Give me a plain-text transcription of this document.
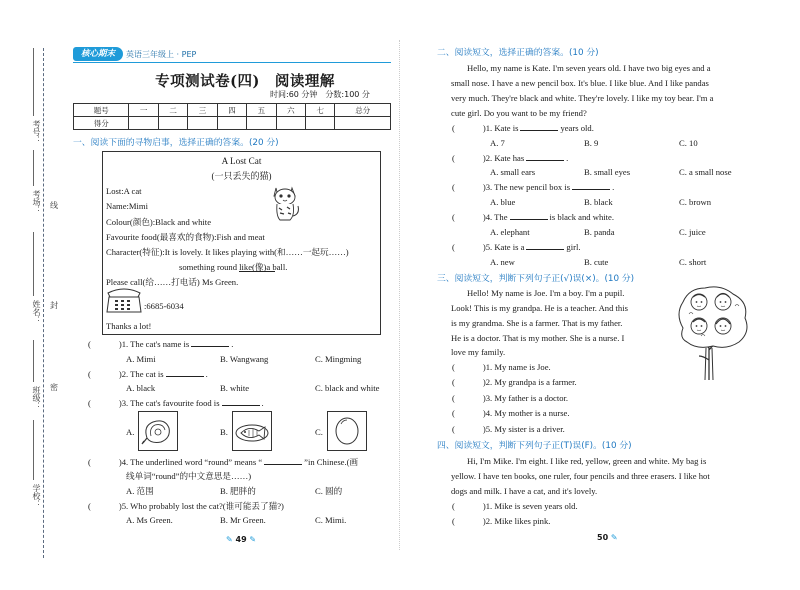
考号：
考场：
姓名：
班级：
学校：
线
封
密
核心期末	英语三年级上 · PEP
专项测试卷(四)　阅读理解
时间:60 分钟　分数:100 分
题号	一	二	三	四	五	六	七	总分
得分								
一、阅读下面的寻物启事，选择正确的答案。(20 分)
A Lost Cat
(一只丢失的猫)
Lost:A cat
Name:Mimi
Colour(颜色):Black and white
Favourite food(最喜欢的食物):Fish and meat
Character(特征):It is lovely. It likes playing with(和……一起玩……)
something round like(像)a ball.
Please call(给……打电话) Ms Green.
:6685-6034
Thanks a lot!
(	)1. The cat's name is	.
A. Mimi	B. Wangwang	C. Mingming
(	)2. The cat is	.
A. black	B. white	C. black and white
(	)3. The cat's favourite food is	.
A.	B.	C.
(	)4. The underlined word “round” means “	”in Chinese.(画
线单词“round”的中文意思是……)
A. 范围	B. 肥胖的	C. 圆的
(	)5. Who probably lost the cat?(谁可能丢了猫?)
A. Ms Green.	B. Mr Green.	C. Mimi.
✎ 49 ✎
二、阅读短文，选择正确的答案。(10 分)
Hello, my name is Kate. I'm seven years old. I have two big eyes and a
small nose. I have a new pencil box. It's blue. I like blue. And I like pandas
very much. They're black and white. They're lovely. I like my toy bear. I'm a
cute girl. Do you want to be my friend?
(	)1. Kate is	years old.
A. 7	B. 9	C. 10
(	)2. Kate has	.
A. small ears	B. small eyes	C. a small nose
(	)3. The new pencil box is	.
A. blue	B. black	C. brown
(	)4. The	is black and white.
A. elephant	B. panda	C. juice
(	)5. Kate is a	girl.
A. new	B. cute	C. short
三、阅读短文，判断下列句子正(√)误(×)。(10 分)
Hello! My name is Joe. I'm a boy. I'm a pupil.
Look! This is my grandpa. He is a teacher. And this
is my grandma. She is a farmer. That is my father.
He is a doctor. That is my mother. She is a nurse. I
love my family.
(	)1. My name is Joe.
(	)2. My grandpa is a farmer.
(	)3. My father is a doctor.
(	)4. My mother is a nurse.
(	)5. My sister is a driver.
四、阅读短文，判断下列句子正(T)误(F)。(10 分)
Hi, I'm Mike. I'm eight. I like red, yellow, green and white. My bag is
yellow. I have ten books, one ruler, four pencils and three erasers. I like hot
dogs and milk. I have a cat, and it's lovely.
(	)1. Mike is seven years old.
(	)2. Mike likes pink.
50 ✎
